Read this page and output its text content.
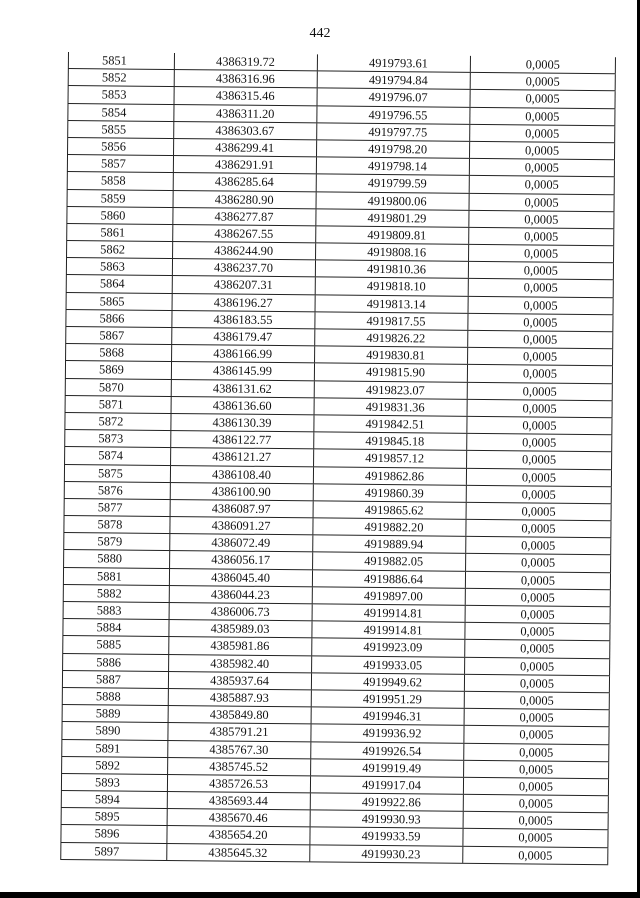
442
5851	4386319.72	4919793.61	0,0005
5852	4386316.96	4919794.84	0,0005
5853	4386315.46	4919796.07	0,0005
5854	4386311.20	4919796.55	0,0005
5855	4386303.67	4919797.75	0,0005
5856	4386299.41	4919798.20	0,0005
5857	4386291.91	4919798.14	0,0005
5858	4386285.64	4919799.59	0,0005
5859	4386280.90	4919800.06	0,0005
5860	4386277.87	4919801.29	0,0005
5861	4386267.55	4919809.81	0,0005
5862	4386244.90	4919808.16	0,0005
5863	4386237.70	4919810.36	0,0005
5864	4386207.31	4919818.10	0,0005
5865	4386196.27	4919813.14	0,0005
5866	4386183.55	4919817.55	0,0005
5867	4386179.47	4919826.22	0,0005
5868	4386166.99	4919830.81	0,0005
5869	4386145.99	4919815.90	0,0005
5870	4386131.62	4919823.07	0,0005
5871	4386136.60	4919831.36	0,0005
5872	4386130.39	4919842.51	0,0005
5873	4386122.77	4919845.18	0,0005
5874	4386121.27	4919857.12	0,0005
5875	4386108.40	4919862.86	0,0005
5876	4386100.90	4919860.39	0,0005
5877	4386087.97	4919865.62	0,0005
5878	4386091.27	4919882.20	0,0005
5879	4386072.49	4919889.94	0,0005
5880	4386056.17	4919882.05	0,0005
5881	4386045.40	4919886.64	0,0005
5882	4386044.23	4919897.00	0,0005
5883	4386006.73	4919914.81	0,0005
5884	4385989.03	4919914.81	0,0005
5885	4385981.86	4919923.09	0,0005
5886	4385982.40	4919933.05	0,0005
5887	4385937.64	4919949.62	0,0005
5888	4385887.93	4919951.29	0,0005
5889	4385849.80	4919946.31	0,0005
5890	4385791.21	4919936.92	0,0005
5891	4385767.30	4919926.54	0,0005
5892	4385745.52	4919919.49	0,0005
5893	4385726.53	4919917.04	0,0005
5894	4385693.44	4919922.86	0,0005
5895	4385670.46	4919930.93	0,0005
5896	4385654.20	4919933.59	0,0005
5897	4385645.32	4919930.23	0,0005
